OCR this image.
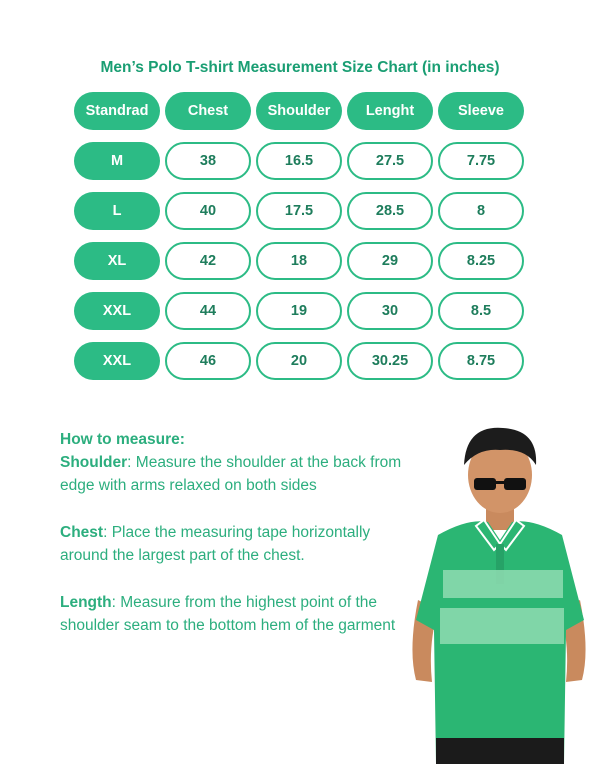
Men’s Polo T-shirt Measurement Size Chart (in inches)
Standrad	Chest	Shoulder	Lenght	Sleeve
M	38	16.5	27.5	7.75
L	40	17.5	28.5	8
XL	42	18	29	8.25
XXL	44	19	30	8.5
XXL	46	20	30.25	8.75
How to measure:

Shoulder: Measure the shoulder at the back from edge with arms relaxed on both sides

Chest: Place the measuring tape horizontally around the largest part of the chest.

Length: Measure from the highest point of the shoulder seam to the bottom hem of the garment
